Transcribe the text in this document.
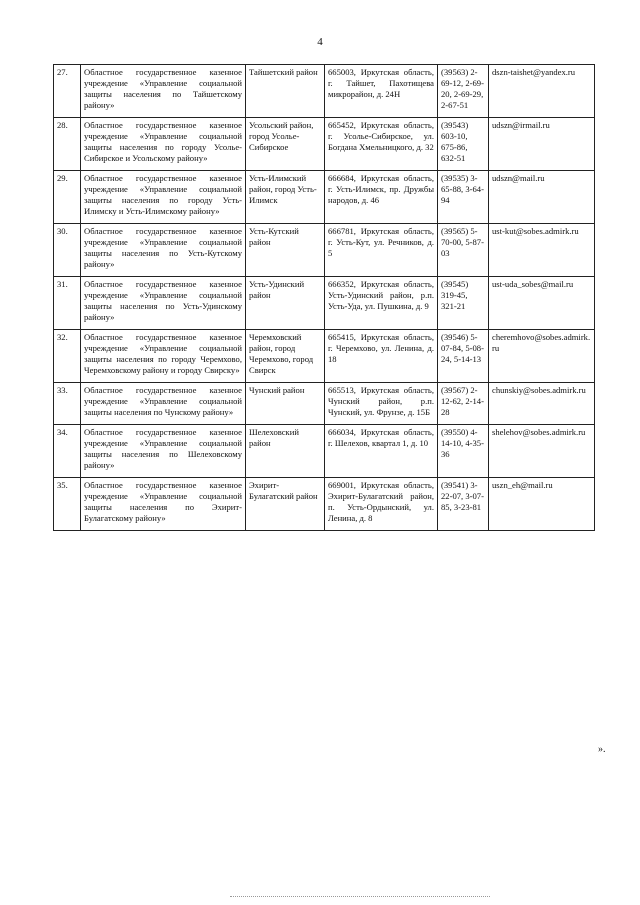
4
27.	Областное государственное казенное учреждение «Управление социальной защиты населения по Тайшетскому району»	Тайшетский район	665003, Иркутская область, г. Тайшет, Пахотищева микрорайон, д. 24Н	(39563) 2-69-12, 2-69-20, 2-69-29, 2-67-51	dszn-taishet@yandex.ru
28.	Областное государственное казенное учреждение «Управление социальной защиты населения по городу Усолье-Сибирское и Усольскому району»	Усольский район, город Усолье-Сибирское	665452, Иркутская область, г. Усолье-Сибирское, ул. Богдана Хмельницкого, д. 32	(39543) 603-10, 675-86, 632-51	udszn@irmail.ru
29.	Областное государственное казенное учреждение «Управление социальной защиты населения по городу Усть-Илимску и Усть-Илимскому району»	Усть-Илимский район, город Усть-Илимск	666684, Иркутская область, г. Усть-Илимск, пр. Дружбы народов, д. 46	(39535) 3-65-88, 3-64-94	udszn@mail.ru
30.	Областное государственное казенное учреждение «Управление социальной защиты населения по Усть-Кутскому району»	Усть-Кутский район	666781, Иркутская область, г. Усть-Кут, ул. Речников, д. 5	(39565) 5-70-00, 5-87-03	ust-kut@sobes.admirk.ru
31.	Областное государственное казенное учреждение «Управление социальной защиты населения по Усть-Удинскому району»	Усть-Удинский район	666352, Иркутская область, Усть-Удинский район, р.п. Усть-Уда, ул. Пушкина, д. 9	(39545) 319-45, 321-21	ust-uda_sobes@mail.ru
32.	Областное государственное казенное учреждение «Управление социальной защиты населения по городу Черемхово, Черемховскому району и городу Свирску»	Черемховский район, город Черемхово, город Свирск	665415, Иркутская область, г. Черемхово, ул. Ленина, д. 18	(39546) 5-07-84, 5-08-24, 5-14-13	cheremhovo@sobes.admirk.ru
33.	Областное государственное казенное учреждение «Управление социальной защиты населения по Чунскому району»	Чунский район	665513, Иркутская область, Чунский район, р.п. Чунский, ул. Фрунзе, д. 15Б	(39567) 2-12-62, 2-14-28	chunskiy@sobes.admirk.ru
34.	Областное государственное казенное учреждение «Управление социальной защиты населения по Шелеховскому району»	Шелеховский район	666034, Иркутская область, г. Шелехов, квартал 1, д. 10	(39550) 4-14-10, 4-35-36	shelehov@sobes.admirk.ru
35.	Областное государственное казенное учреждение «Управление социальной защиты населения по Эхирит-Булагатскому району»	Эхирит-Булагатский район	669001, Иркутская область, Эхирит-Булагатский район, п. Усть-Ордынский, ул. Ленина, д. 8	(39541) 3-22-07, 3-07-85, 3-23-81	uszn_eh@mail.ru
».
